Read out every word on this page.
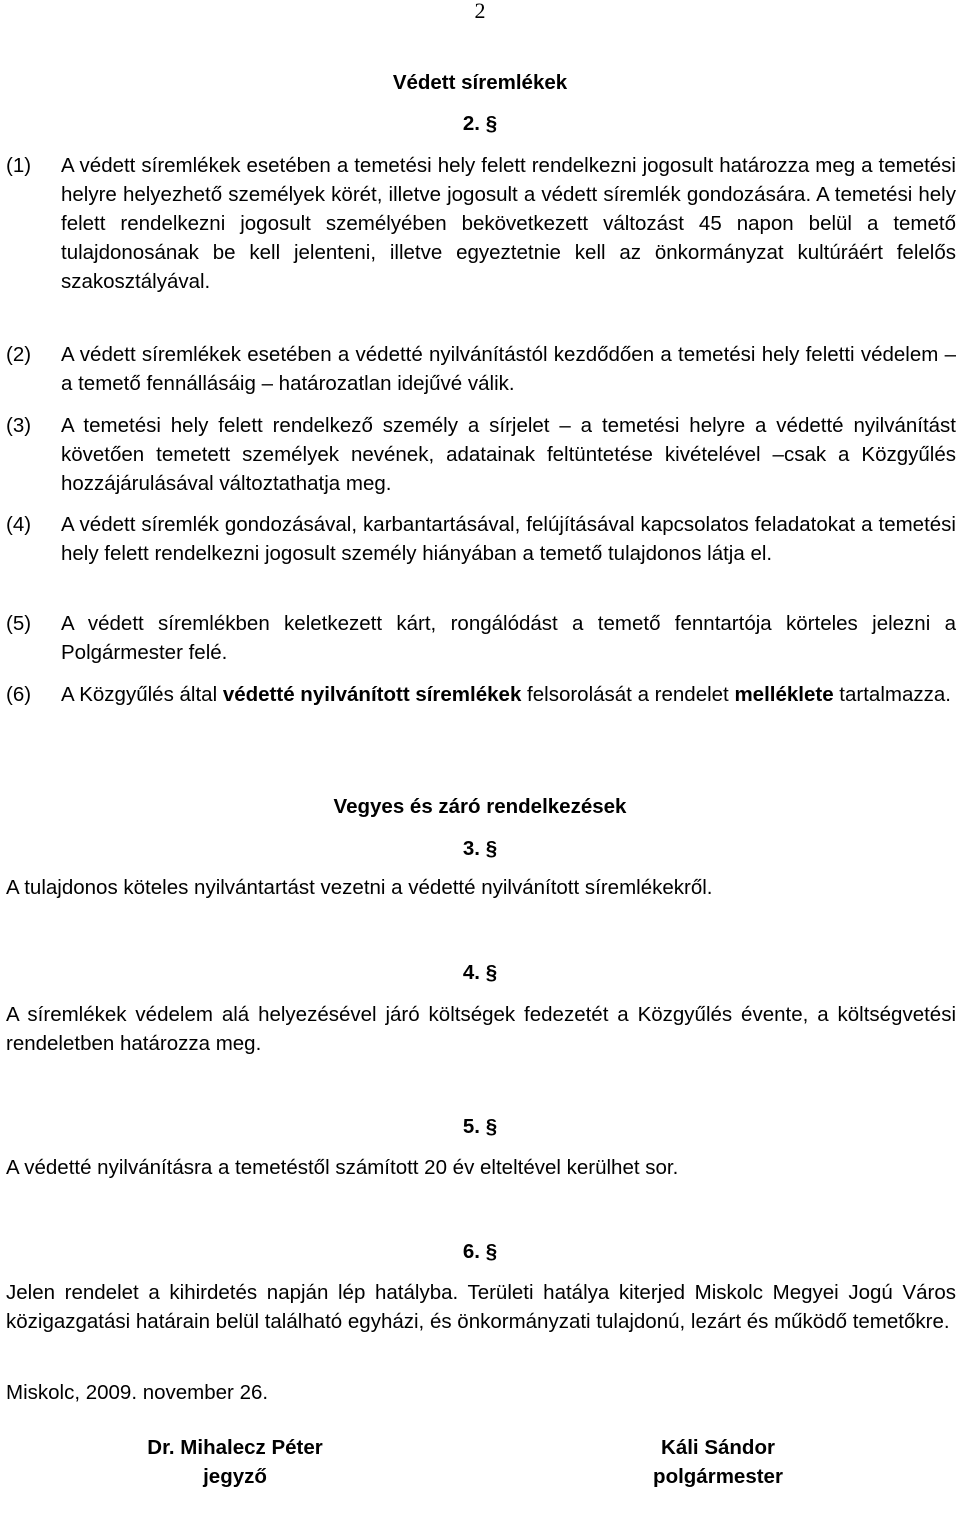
2
Védett síremlékek
2. §
(1) A védett síremlékek esetében a temetési hely felett rendelkezni jogosult határozza meg a temetési helyre helyezhető személyek körét, illetve jogosult a védett síremlék gondozására. A temetési hely felett rendelkezni jogosult személyében bekövetkezett változást 45 napon belül a temető tulajdonosának be kell jelenteni, illetve egyeztetnie kell az önkormányzat kultúráért felelős szakosztályával.
(2) A védett síremlékek esetében a védetté nyilvánítástól kezdődően a temetési hely feletti védelem – a temető fennállásáig – határozatlan idejűvé válik.
(3) A temetési hely felett rendelkező személy a sírjelet – a temetési helyre a védetté nyilvánítást követően temetett személyek nevének, adatainak feltüntetése kivételével –csak a Közgyűlés hozzájárulásával változtathatja meg.
(4) A védett síremlék gondozásával, karbantartásával, felújításával kapcsolatos feladatokat a temetési hely felett rendelkezni jogosult személy hiányában a temető tulajdonos látja el.
(5) A védett síremlékben keletkezett kárt, rongálódást a temető fenntartója körteles jelezni a Polgármester felé.
(6) A Közgyűlés által védetté nyilvánított síremlékek felsorolását a rendelet melléklete tartalmazza.
Vegyes és záró rendelkezések
3. §
A tulajdonos köteles nyilvántartást vezetni a védetté nyilvánított síremlékekről.
4. §
A síremlékek védelem alá helyezésével járó költségek fedezetét a Közgyűlés évente, a költségvetési rendeletben határozza meg.
5. §
A védetté nyilvánításra a temetéstől számított 20 év elteltével kerülhet sor.
6. §
Jelen rendelet a kihirdetés napján lép hatályba. Területi hatálya kiterjed Miskolc Megyei Jogú Város közigazgatási határain belül található egyházi, és önkormányzati tulajdonú, lezárt és működő temetőkre.
Miskolc, 2009. november 26.
Dr. Mihalecz Péter
jegyző
Káli Sándor
polgármester
